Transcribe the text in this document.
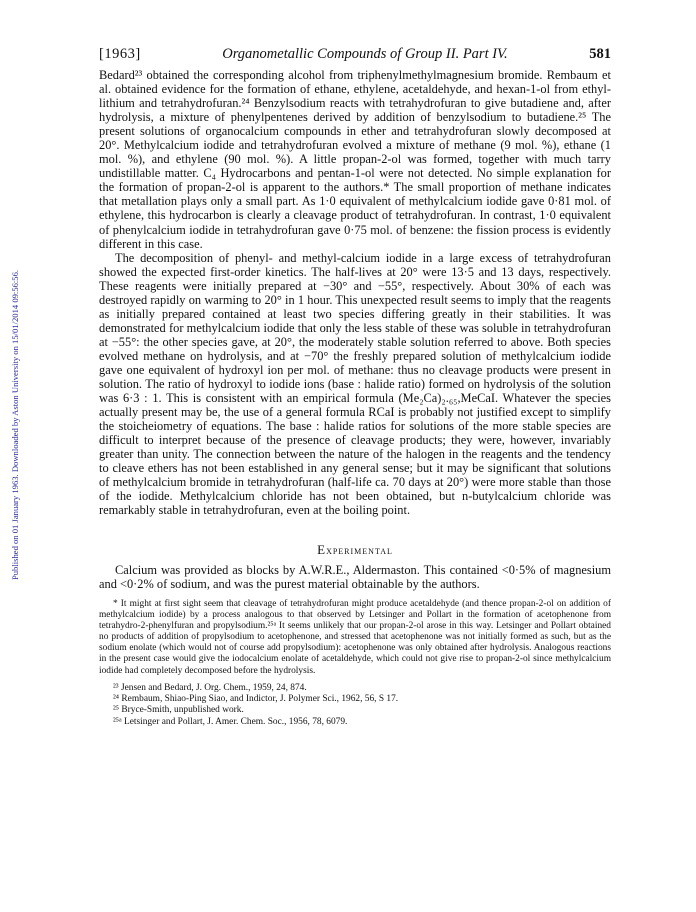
Published on 01 January 1963. Downloaded by Aston University on 15/01/2014 09:56:56.
[1963]	Organometallic Compounds of Group II. Part IV.	581

Bedard²³ obtained the corresponding alcohol from triphenylmethylmagnesium bromide. Rembaum et al. obtained evidence for the formation of ethane, ethylene, acetaldehyde, and hexan-1-ol from ethyl-lithium and tetrahydrofuran.²⁴ Benzylsodium reacts with tetrahydrofuran to give butadiene and, after hydrolysis, a mixture of phenylpentenes derived by addition of benzylsodium to butadiene.²⁵ The present solutions of organocalcium compounds in ether and tetrahydrofuran slowly decomposed at 20°. Methylcalcium iodide and tetrahydrofuran evolved a mixture of methane (9 mol. %), ethane (1 mol. %), and ethylene (90 mol. %). A little propan-2-ol was formed, together with much tarry undistillable matter. C₄ Hydrocarbons and pentan-1-ol were not detected. No simple explanation for the formation of propan-2-ol is apparent to the authors.* The small proportion of methane indicates that metallation plays only a small part. As 1·0 equivalent of methylcalcium iodide gave 0·81 mol. of ethylene, this hydrocarbon is clearly a cleavage product of tetrahydrofuran. In contrast, 1·0 equivalent of phenylcalcium iodide in tetrahydrofuran gave 0·75 mol. of benzene: the fission process is evidently different in this case.

The decomposition of phenyl- and methyl-calcium iodide in a large excess of tetrahydrofuran showed the expected first-order kinetics. The half-lives at 20° were 13·5 and 13 days, respectively. These reagents were initially prepared at −30° and −55°, respectively. About 30% of each was destroyed rapidly on warming to 20° in 1 hour. This unexpected result seems to imply that the reagents as initially prepared contained at least two species differing greatly in their stabilities. It was demonstrated for methylcalcium iodide that only the less stable of these was soluble in tetrahydrofuran at −55°: the other species gave, at 20°, the moderately stable solution referred to above. Both species evolved methane on hydrolysis, and at −70° the freshly prepared solution of methylcalcium iodide gave one equivalent of hydroxyl ion per mol. of methane: thus no cleavage products were present in solution. The ratio of hydroxyl to iodide ions (base : halide ratio) formed on hydrolysis of the solution was 6·3 : 1. This is consistent with an empirical formula (Me₂Ca)₂.₆₅,MeCaI. Whatever the species actually present may be, the use of a general formula RCaI is probably not justified except to simplify the stoicheiometry of equations. The base : halide ratios for solutions of the more stable species are difficult to interpret because of the presence of cleavage products; they were, however, invariably greater than unity. The connection between the nature of the halogen in the reagents and the tendency to cleave ethers has not been established in any general sense; but it may be significant that solutions of methylcalcium bromide in tetrahydrofuran (half-life ca. 70 days at 20°) were more stable than those of the iodide. Methylcalcium chloride has not been obtained, but n-butylcalcium chloride was remarkably stable in tetrahydrofuran, even at the boiling point.

Experimental

Calcium was provided as blocks by A.W.R.E., Aldermaston. This contained <0·5% of magnesium and <0·2% of sodium, and was the purest material obtainable by the authors.

* It might at first sight seem that cleavage of tetrahydrofuran might produce acetaldehyde (and thence propan-2-ol on addition of methylcalcium iodide) by a process analogous to that observed by Letsinger and Pollart in the formation of acetophenone from tetrahydro-2-phenylfuran and propylsodium.²⁵ᵃ It seems unlikely that our propan-2-ol arose in this way. Letsinger and Pollart obtained no products of addition of propylsodium to acetophenone, and stressed that acetophenone was not initially formed as such, but as the sodium enolate (which would not of course add propylsodium): acetophenone was only obtained after hydrolysis. Analogous reactions in the present case would give the iodocalcium enolate of acetaldehyde, which could not give rise to propan-2-ol since methylcalcium iodide had completely decomposed before the hydrolysis.

²³ Jensen and Bedard, J. Org. Chem., 1959, 24, 874.

²⁴ Rembaum, Shiao-Ping Siao, and Indictor, J. Polymer Sci., 1962, 56, S 17.

²⁵ Bryce-Smith, unpublished work.

²⁵ᵃ Letsinger and Pollart, J. Amer. Chem. Soc., 1956, 78, 6079.
